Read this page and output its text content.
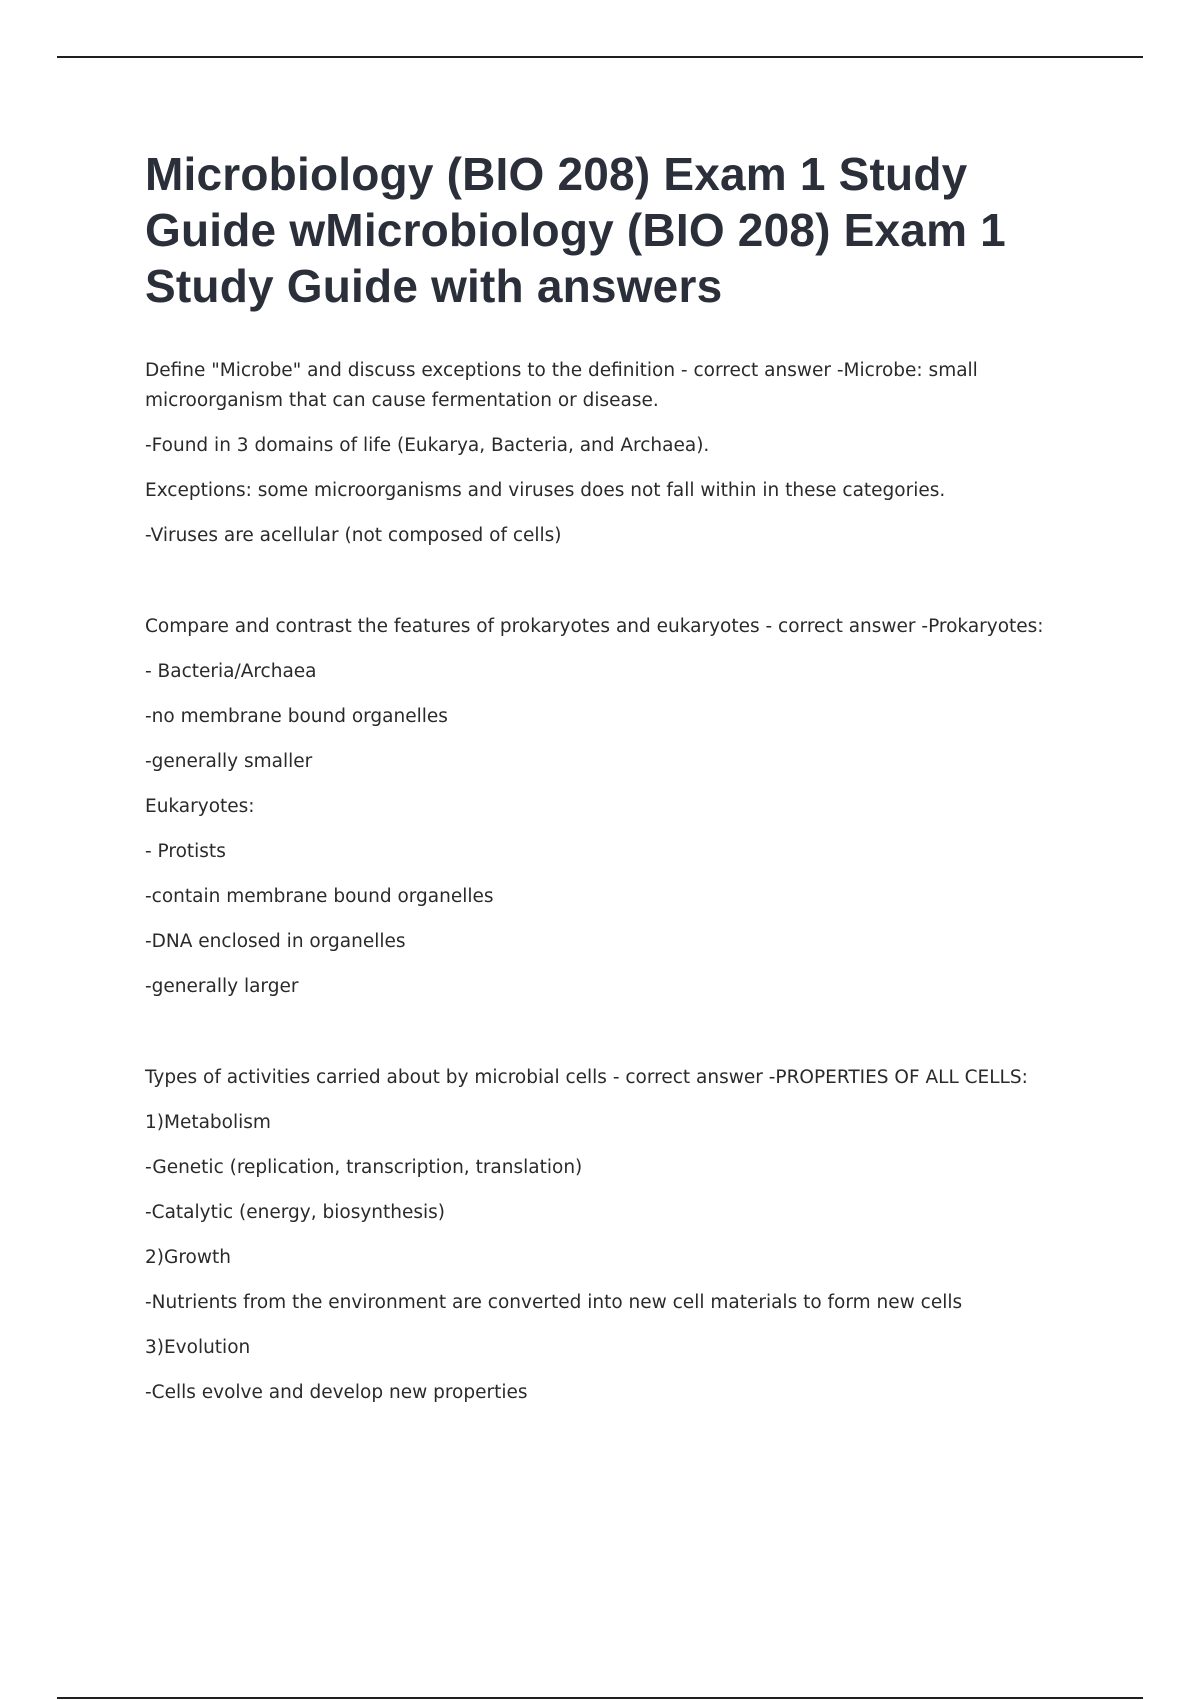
Microbiology (BIO 208) Exam 1 Study Guide wMicrobiology (BIO 208) Exam 1 Study Guide with answers

Define "Microbe" and discuss exceptions to the definition - correct answer -Microbe: small microorganism that can cause fermentation or disease.

-Found in 3 domains of life (Eukarya, Bacteria, and Archaea).

Exceptions: some microorganisms and viruses does not fall within in these categories.

-Viruses are acellular (not composed of cells)

Compare and contrast the features of prokaryotes and eukaryotes - correct answer -Prokaryotes:

- Bacteria/Archaea

-no membrane bound organelles

-generally smaller

Eukaryotes:

- Protists

-contain membrane bound organelles

-DNA enclosed in organelles

-generally larger

Types of activities carried about by microbial cells - correct answer -PROPERTIES OF ALL CELLS:

1)Metabolism

-Genetic (replication, transcription, translation)

-Catalytic (energy, biosynthesis)

2)Growth

-Nutrients from the environment are converted into new cell materials to form new cells

3)Evolution

-Cells evolve and develop new properties
